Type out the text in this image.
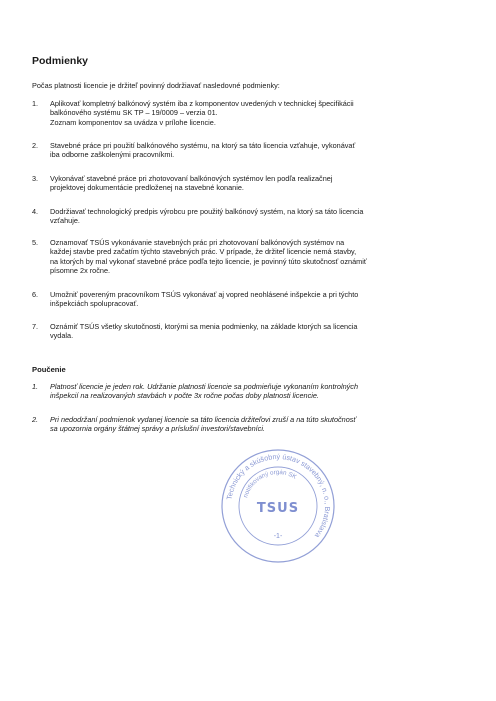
Podmienky
Počas platnosti licencie je držiteľ povinný dodržiavať nasledovné podmienky:
1.	Aplikovať kompletný balkónový systém iba z komponentov uvedených v technickej špecifikácii
balkónového systému SK TP – 19/0009 – verzia 01.
Zoznam komponentov sa uvádza v prílohe licencie.
2.	Stavebné práce pri použití balkónového systému, na ktorý sa táto licencia vzťahuje, vykonávať
iba odborne zaškolenými pracovníkmi.
3.	Vykonávať stavebné práce pri zhotovovaní balkónových systémov len podľa realizačnej
projektovej dokumentácie predloženej na stavebné konanie.
4.	Dodržiavať technologický predpis výrobcu pre použitý balkónový systém, na ktorý sa táto licencia
vzťahuje.
5.	Oznamovať TSÚS vykonávanie stavebných prác pri zhotovovaní balkónových systémov na
každej stavbe pred začatím týchto stavebných prác. V prípade, že držiteľ licencie nemá stavby,
na ktorých by mal vykonať stavebné práce podľa tejto licencie, je povinný túto skutočnosť oznámiť
písomne 2x ročne.
6.	Umožniť povereným pracovníkom TSÚS vykonávať aj vopred neohlásené inšpekcie a pri týchto
inšpekciách spolupracovať.
7.	Oznámiť TSÚS všetky skutočnosti, ktorými sa menia podmienky, na základe ktorých sa licencia
vydala.
Poučenie
1.	Platnosť licencie je jeden rok. Udržanie platnosti licencie sa podmieňuje vykonaním kontrolných
inšpekcií na realizovaných stavbách v počte 3x ročne počas doby platnosti licencie.
2.	Pri nedodržaní podmienok vydanej licencie sa táto licencia držiteľovi zruší a na túto skutočnosť
sa upozornia orgány štátnej správy a príslušní investori/stavebníci.
Technický a skúšobný ústav stavebný, n. o., Bratislava
notifikovaný orgán SK
TSUS
-1-
